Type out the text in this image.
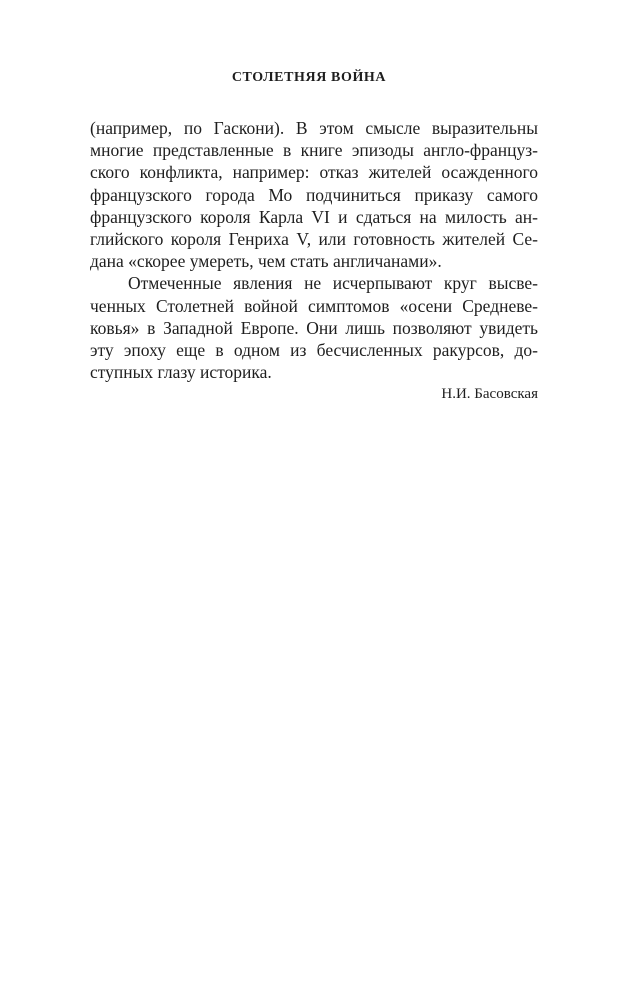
СТОЛЕТНЯЯ ВОЙНА
(например, по Гаскони). В этом смысле выразительны
многие представленные в книге эпизоды англо-француз-
ского конфликта, например: отказ жителей осажденного
французского города Мо подчиниться приказу самого
французского короля Карла VI и сдаться на милость ан-
глийского короля Генриха V, или готовность жителей Се-
дана «скорее умереть, чем стать англичанами».
Отмеченные явления не исчерпывают круг высве-
ченных Столетней войной симптомов «осени Средневе-
ковья» в Западной Европе. Они лишь позволяют увидеть
эту эпоху еще в одном из бесчисленных ракурсов, до-
ступных глазу историка.
Н.И. Басовская
